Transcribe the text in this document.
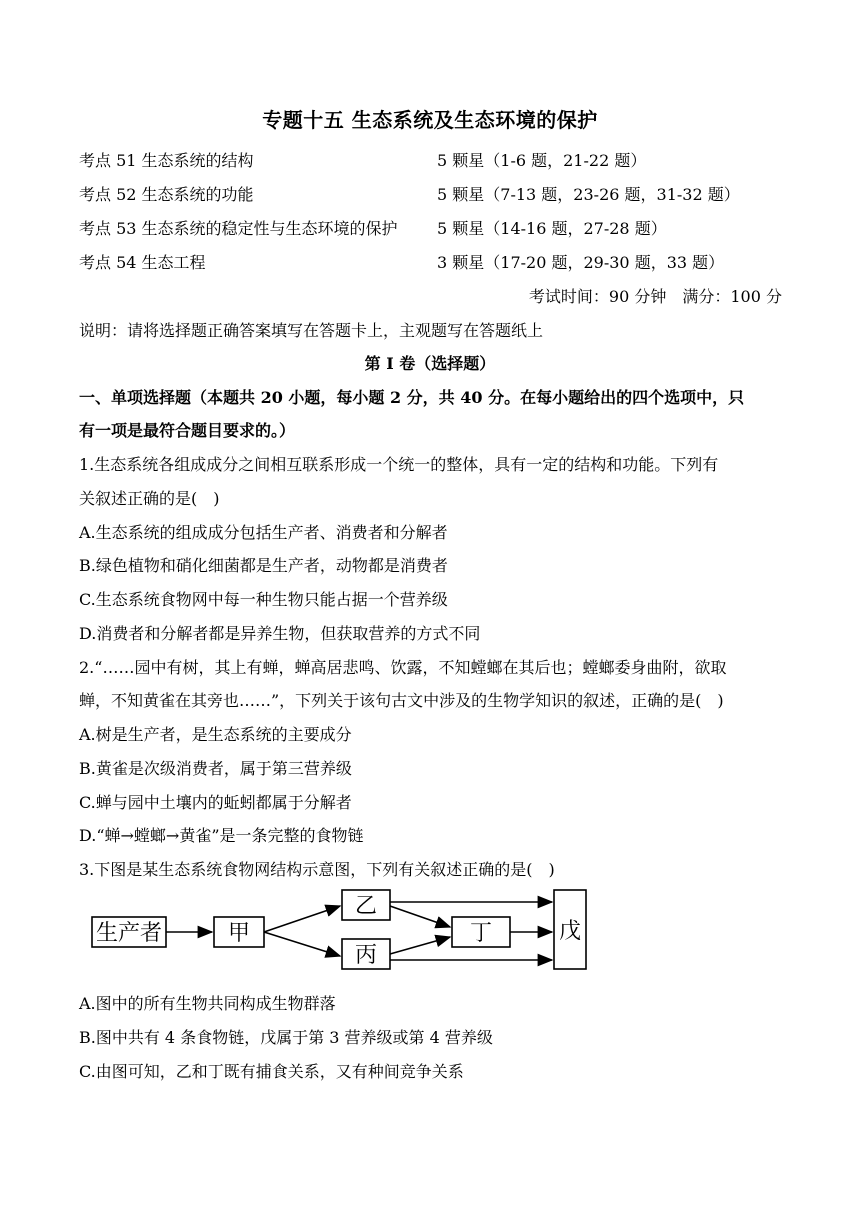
专题十五 生态系统及生态环境的保护
考点 51 生态系统的结构	5 颗星（1-6 题，21-22 题）
考点 52 生态系统的功能	5 颗星（7-13 题，23-26 题，31-32 题）
考点 53 生态系统的稳定性与生态环境的保护 5 颗星（14-16 题，27-28 题）
考点 54 生态工程	3 颗星（17-20 题，29-30 题，33 题）
考试时间：90 分钟　满分：100 分
说明：请将选择题正确答案填写在答题卡上，主观题写在答题纸上
第 I 卷（选择题）
一、单项选择题（本题共 20 小题，每小题 2 分，共 40 分。在每小题给出的四个选项中，只
有一项是最符合题目要求的。）
1.生态系统各组成成分之间相互联系形成一个统一的整体，具有一定的结构和功能。下列有
关叙述正确的是(　)
A.生态系统的组成成分包括生产者、消费者和分解者
B.绿色植物和硝化细菌都是生产者，动物都是消费者
C.生态系统食物网中每一种生物只能占据一个营养级
D.消费者和分解者都是异养生物，但获取营养的方式不同
2.“……园中有树，其上有蝉，蝉高居悲鸣、饮露，不知螳螂在其后也；螳螂委身曲附，欲取
蝉，不知黄雀在其旁也……”，下列关于该句古文中涉及的生物学知识的叙述，正确的是(　)
A.树是生产者，是生态系统的主要成分
B.黄雀是次级消费者，属于第三营养级
C.蝉与园中土壤内的蚯蚓都属于分解者
D.“蝉→螳螂→黄雀”是一条完整的食物链
3.下图是某生态系统食物网结构示意图，下列有关叙述正确的是(　)
生产者	甲
乙
丙
丁	戊
A.图中的所有生物共同构成生物群落
B.图中共有 4 条食物链，戊属于第 3 营养级或第 4 营养级
C.由图可知，乙和丁既有捕食关系，又有种间竞争关系
